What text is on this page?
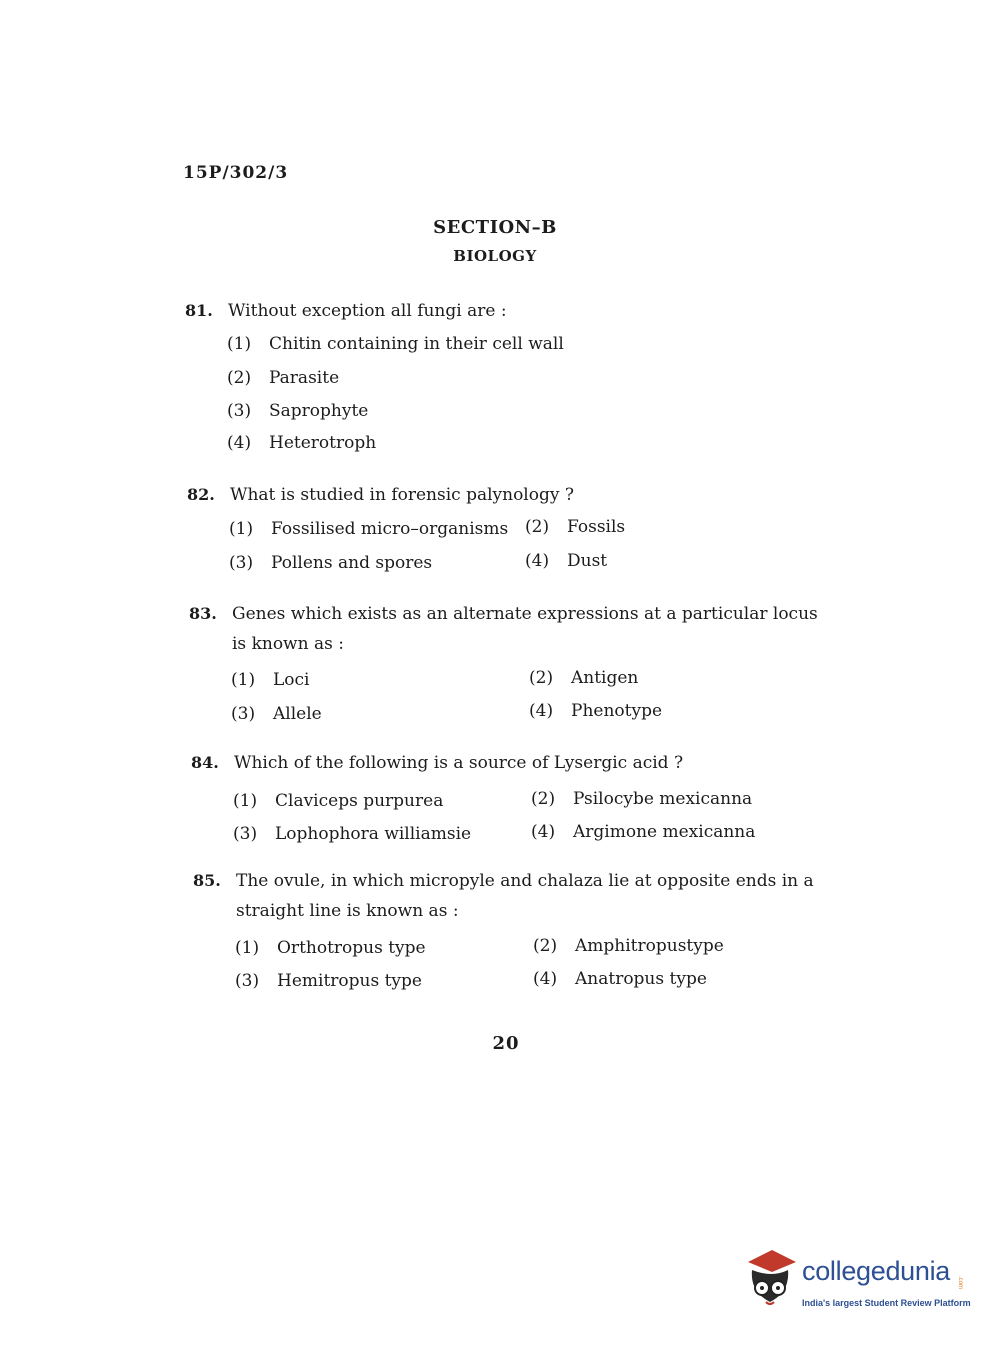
15P/302/3
SECTION–B
BIOLOGY
81. Without exception all fungi are :
(1) Chitin containing in their cell wall
(2) Parasite
(3) Saprophyte
(4) Heterotroph
82. What is studied in forensic palynology ?
(1) Fossilised micro–organisms (2) Fossils
(3) Pollens and spores	(4) Dust
83. Genes which exists as an alternate expressions at a particular locus is known as :
(1) Loci	(2) Antigen
(3) Allele	(4) Phenotype
84. Which of the following is a source of Lysergic acid ?
(1) Claviceps purpurea	(2) Psilocybe mexicanna
(3) Lophophora williamsie	(4) Argimone mexicanna
85. The ovule, in which micropyle and chalaza lie at opposite ends in a straight line is known as :
(1) Orthotropus type	(2) Amphitropustype
(3) Hemitropus type	(4) Anatropus type
20
collegedunia .com
India's largest Student Review Platform
